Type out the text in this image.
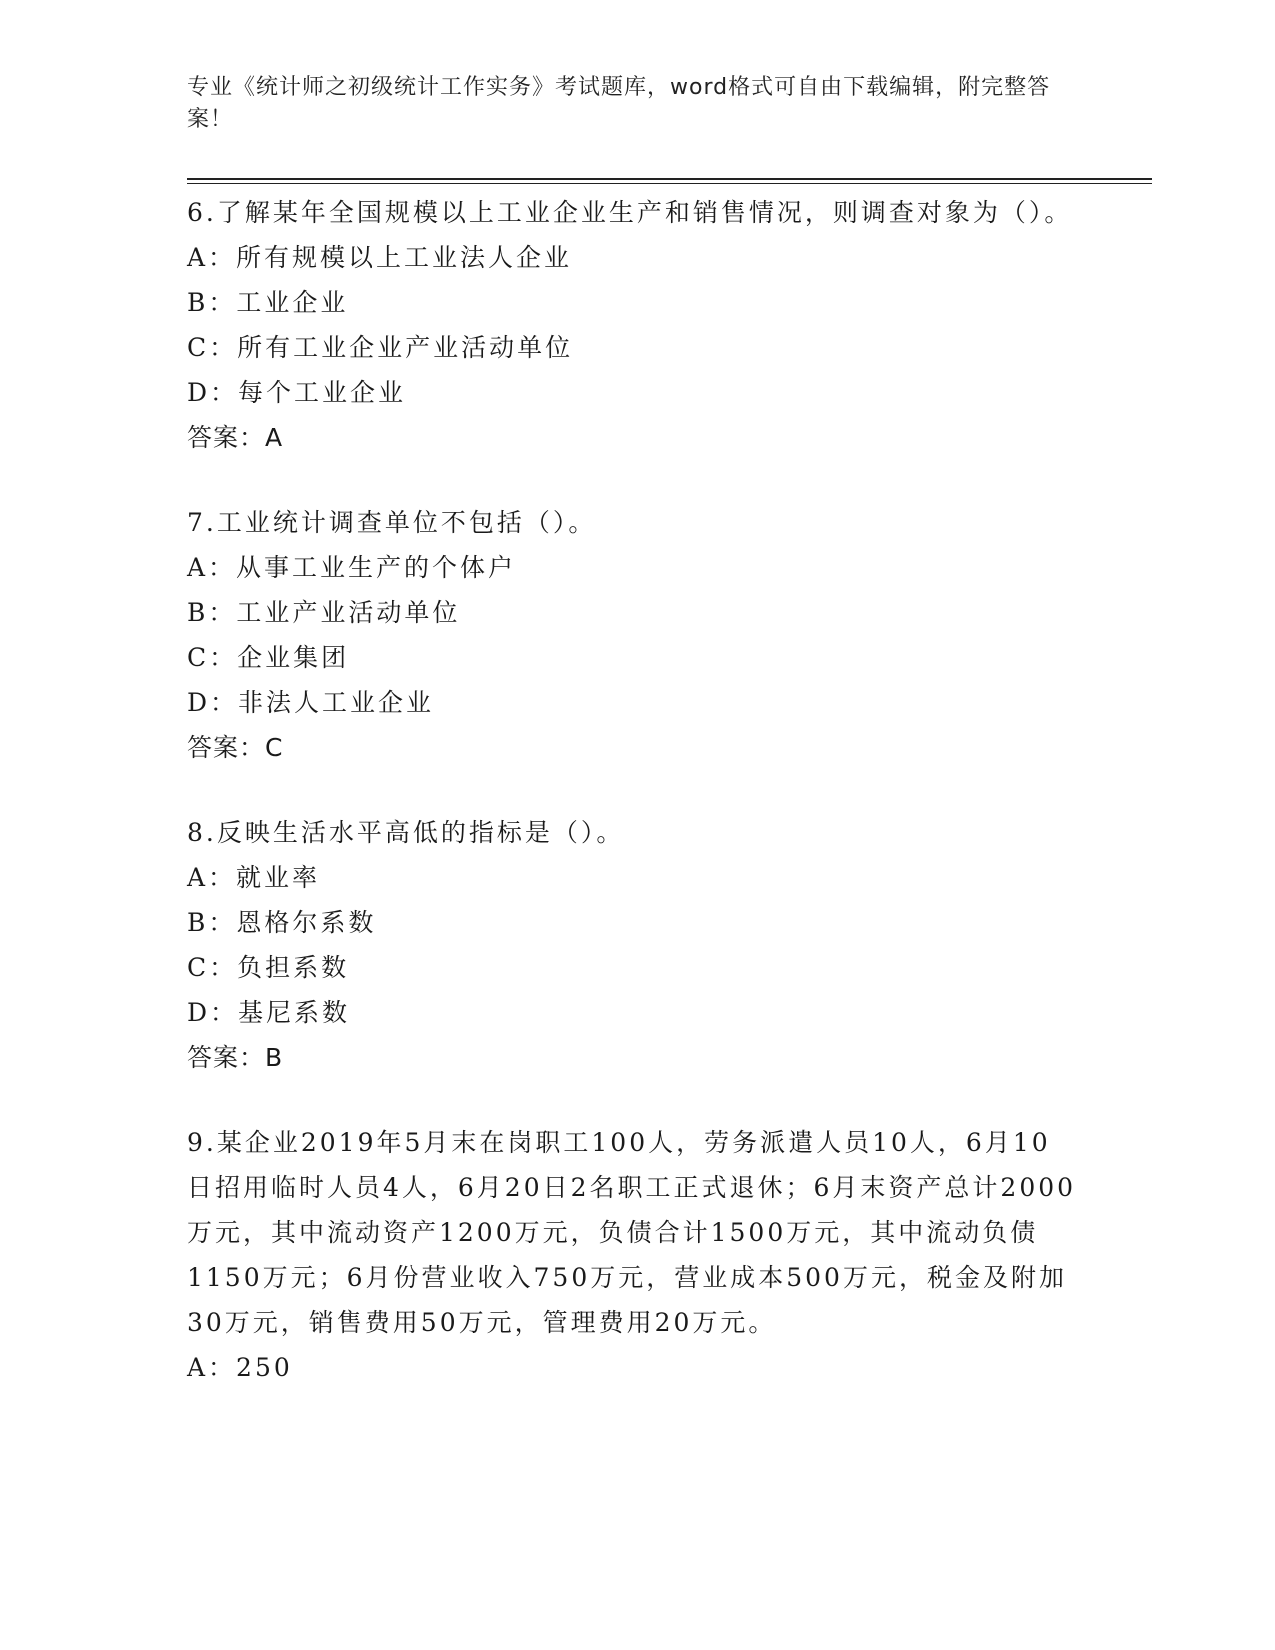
专业《统计师之初级统计工作实务》考试题库，word格式可自由下载编辑，附完整答案！

6.了解某年全国规模以上工业企业生产和销售情况，则调查对象为（）。

A：所有规模以上工业法人企业

B：工业企业

C：所有工业企业产业活动单位

D：每个工业企业

答案：A

7.工业统计调查单位不包括（）。

A：从事工业生产的个体户

B：工业产业活动单位

C：企业集团

D：非法人工业企业

答案：C

8.反映生活水平高低的指标是（）。

A：就业率

B：恩格尔系数

C：负担系数

D：基尼系数

答案：B

9.某企业2019年5月末在岗职工100人，劳务派遣人员10人，6月10日招用临时人员4人，6月20日2名职工正式退休；6月末资产总计2000万元，其中流动资产1200万元，负债合计1500万元，其中流动负债1150万元；6月份营业收入750万元，营业成本500万元，税金及附加30万元，销售费用50万元，管理费用20万元。

A：250
